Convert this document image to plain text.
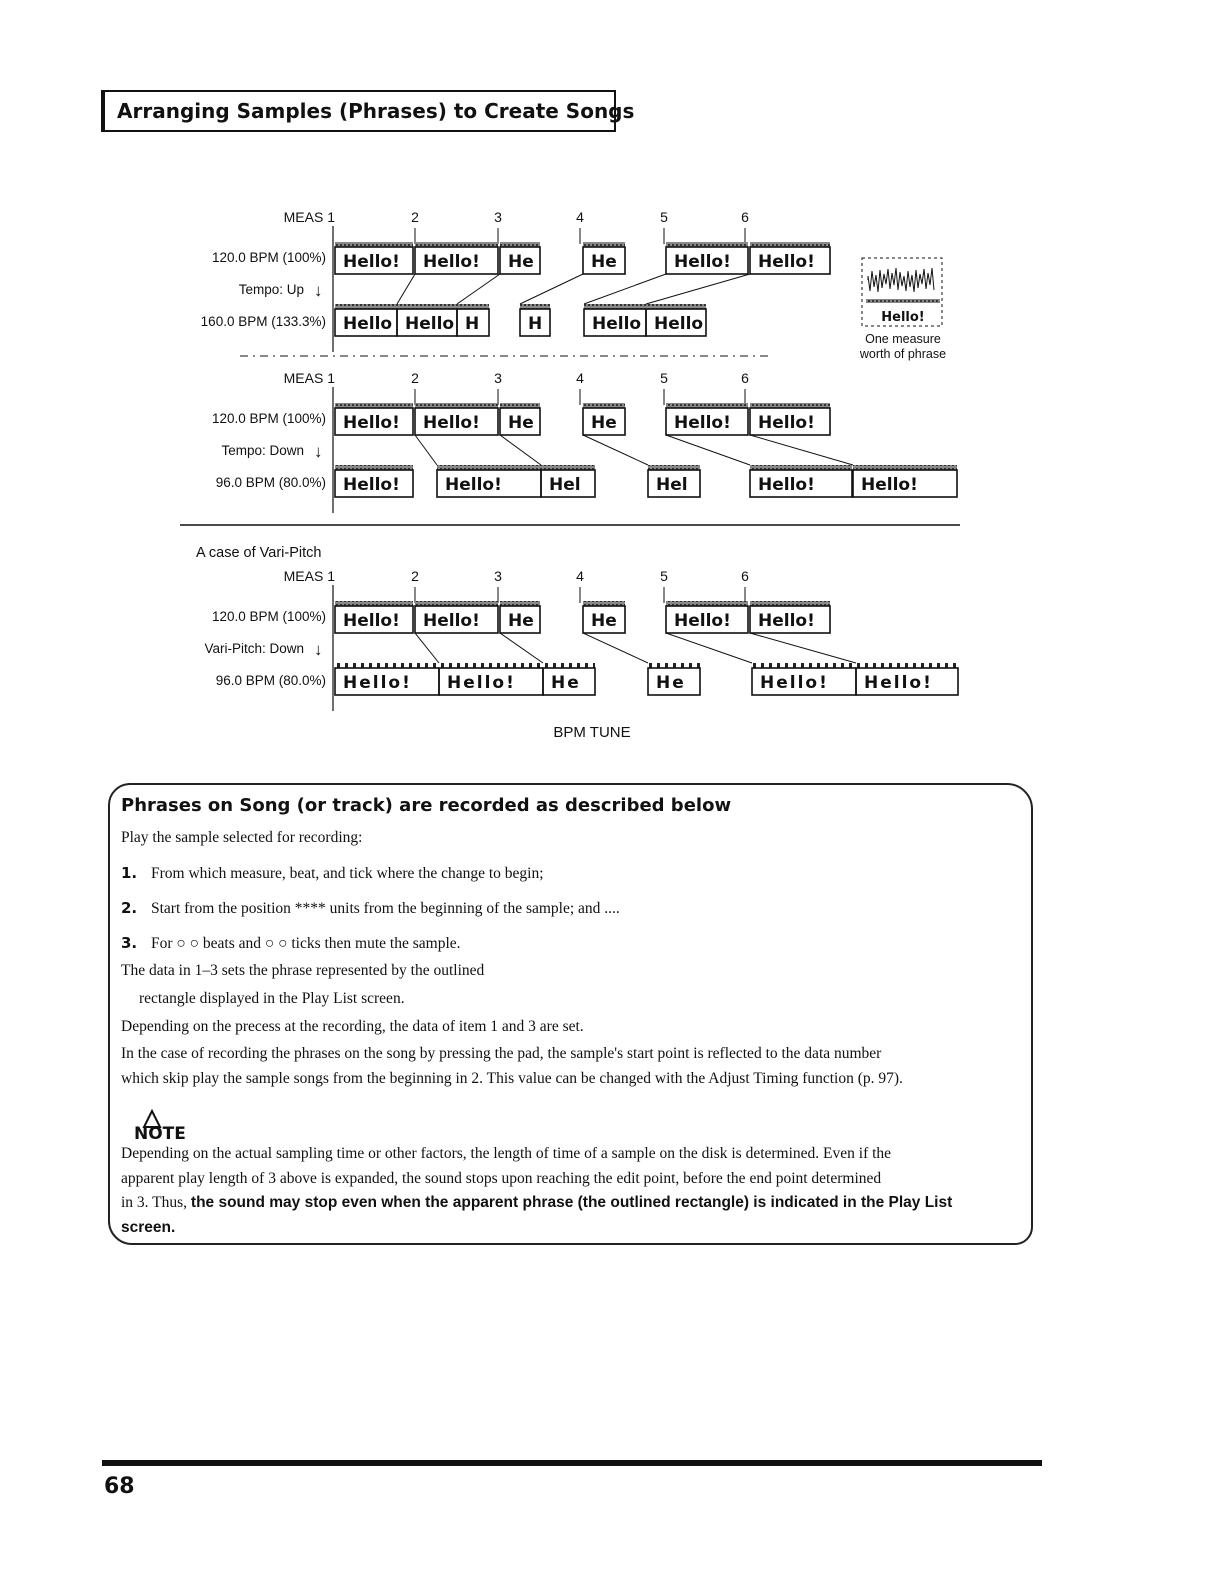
Arranging Samples (Phrases) to Create Songs
MEAS 1	2	3	4	5	6
120.0 BPM (100%)
Tempo: Up ↓
160.0 BPM (133.3%)
Hello! Hello! He	He	Hello! Hello!
Hello Hello H	H	Hello Hello
MEAS 1	2	3	4	5	6
120.0 BPM (100%)
Tempo: Down ↓
96.0 BPM (80.0%)
Hello! Hello! He	He	Hello! Hello!
Hello!	Hello!	Hel	Hel	Hello!	Hello!
A case of Vari-Pitch
MEAS 1	2	3	4	5	6
120.0 BPM (100%)
Vari-Pitch: Down ↓
96.0 BPM (80.0%)
Hello! Hello! He	He	Hello! Hello!
Hello! Hello! He	He	Hello! Hello!
Hello!
One measure
worth of phrase
BPM TUNE
Phrases on Song (or track) are recorded as described below
Play the sample selected for recording:
1. From which measure, beat, and tick where the change to begin;
2. Start from the position **** units from the beginning of the sample; and ....
3. For ○ ○ beats and ○ ○ ticks then mute the sample.
The data in 1–3 sets the phrase represented by the outlined
rectangle displayed in the Play List screen.
Depending on the precess at the recording, the data of item 1 and 3 are set.
In the case of recording the phrases on the song by pressing the pad, the sample's start point is reflected to the data number
which skip play the sample songs from the beginning in 2. This value can be changed with the Adjust Timing function (p. 97).
NOTE
Depending on the actual sampling time or other factors, the length of time of a sample on the disk is determined. Even if the
apparent play length of 3 above is expanded, the sound stops upon reaching the edit point, before the end point determined
in 3. Thus, the sound may stop even when the apparent phrase (the outlined rectangle) is indicated in the Play List
screen.
68
